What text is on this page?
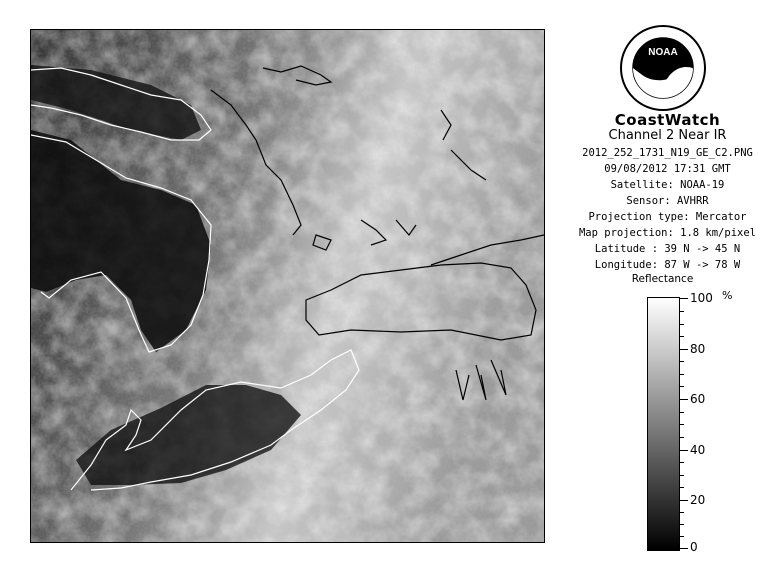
NOAA
CoastWatch
Channel 2 Near IR
2012_252_1731_N19_GE_C2.PNG
09/08/2012 17:31 GMT
Satellite: NOAA-19
Sensor: AVHRR
Projection type: Mercator
Map projection: 1.8 km/pixel
Latitude : 39 N -> 45 N
Longitude: 87 W -> 78 W
Reflectance
%
100
80
60
40
20
0
